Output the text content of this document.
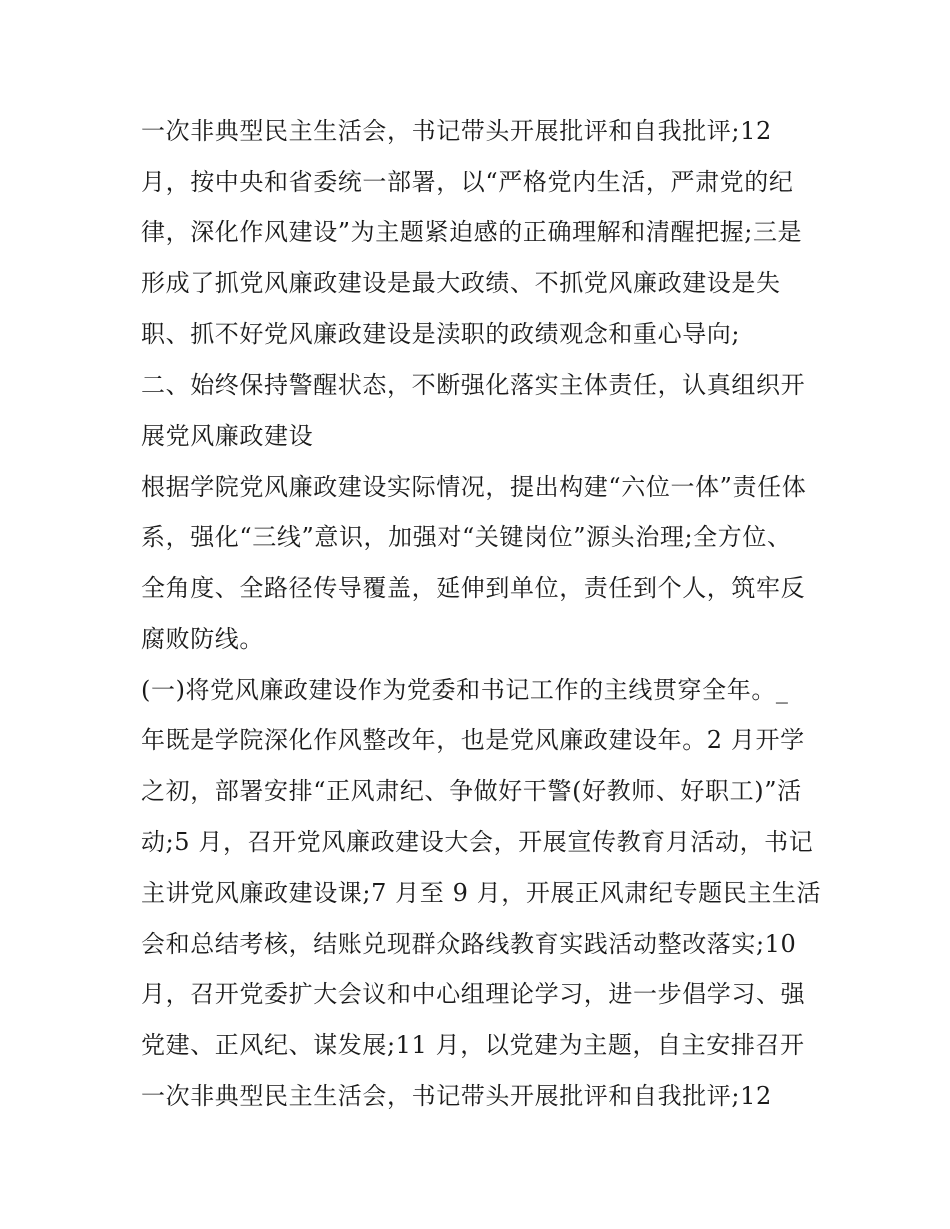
一次非典型民主生活会，书记带头开展批评和自我批评;12
月，按中央和省委统一部署，以“严格党内生活，严肃党的纪
律，深化作风建设”为主题紧迫感的正确理解和清醒把握;三是
形成了抓党风廉政建设是最大政绩、不抓党风廉政建设是失
职、抓不好党风廉政建设是渎职的政绩观念和重心导向;
二、始终保持警醒状态，不断强化落实主体责任，认真组织开
展党风廉政建设
根据学院党风廉政建设实际情况，提出构建“六位一体”责任体
系，强化“三线”意识，加强对“关键岗位”源头治理;全方位、
全角度、全路径传导覆盖，延伸到单位，责任到个人，筑牢反
腐败防线。
(一)将党风廉政建设作为党委和书记工作的主线贯穿全年。_
年既是学院深化作风整改年，也是党风廉政建设年。2 月开学
之初，部署安排“正风肃纪、争做好干警(好教师、好职工)”活
动;5 月，召开党风廉政建设大会，开展宣传教育月活动，书记
主讲党风廉政建设课;7 月至 9 月，开展正风肃纪专题民主生活
会和总结考核，结账兑现群众路线教育实践活动整改落实;10
月，召开党委扩大会议和中心组理论学习，进一步倡学习、强
党建、正风纪、谋发展;11 月，以党建为主题，自主安排召开
一次非典型民主生活会，书记带头开展批评和自我批评;12
